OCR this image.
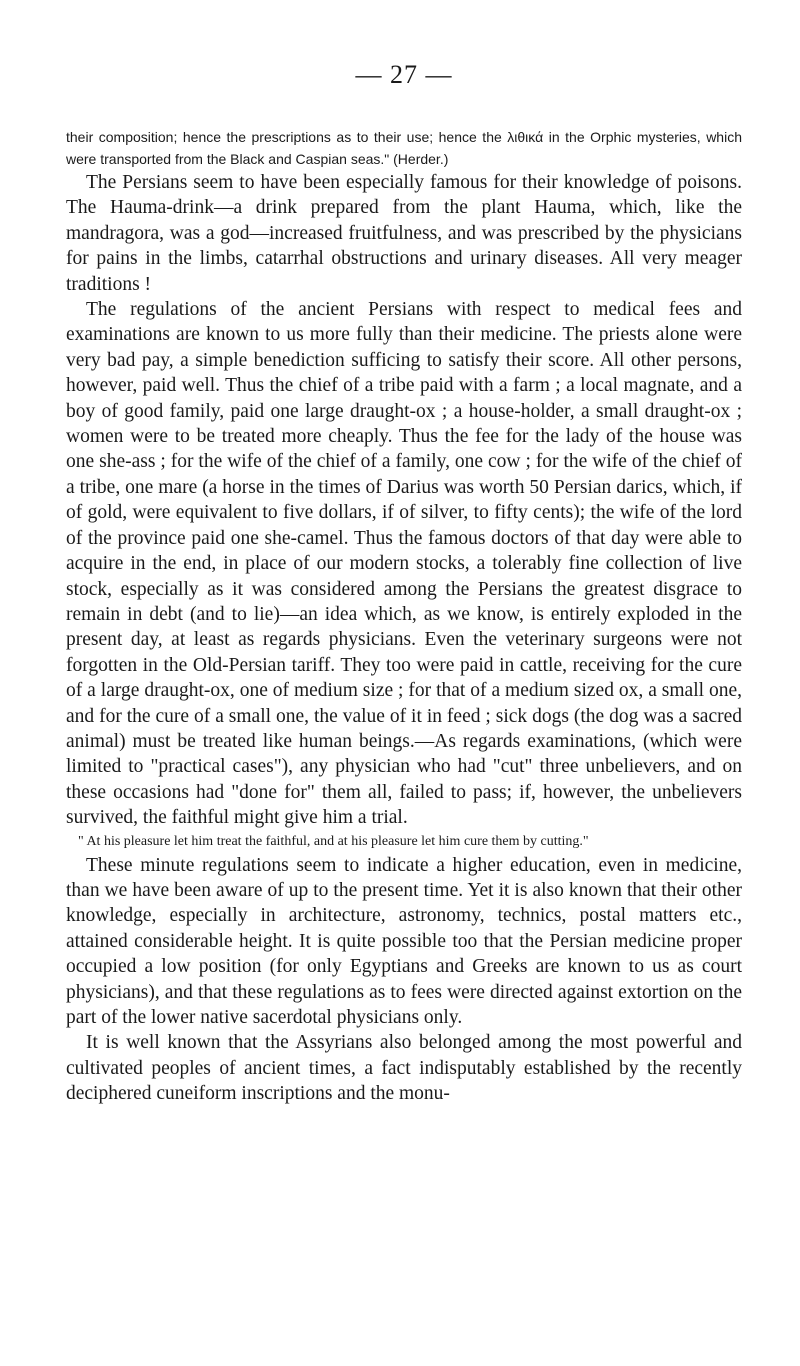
— 27 —

their composition; hence the prescriptions as to their use; hence the λιθικά in the Orphic mysteries, which were transported from the Black and Caspian seas." (Herder.)

The Persians seem to have been especially famous for their knowledge of poisons. The Hauma-drink—a drink prepared from the plant Hauma, which, like the mandragora, was a god—increased fruitfulness, and was prescribed by the physicians for pains in the limbs, catarrhal obstructions and urinary diseases. All very meager traditions !

The regulations of the ancient Persians with respect to medical fees and examinations are known to us more fully than their medicine. The priests alone were very bad pay, a simple benediction sufficing to satisfy their score. All other persons, however, paid well. Thus the chief of a tribe paid with a farm ; a local magnate, and a boy of good family, paid one large draught-ox ; a house-holder, a small draught-ox ; women were to be treated more cheaply. Thus the fee for the lady of the house was one she-ass ; for the wife of the chief of a family, one cow ; for the wife of the chief of a tribe, one mare (a horse in the times of Darius was worth 50 Persian darics, which, if of gold, were equivalent to five dollars, if of silver, to fifty cents); the wife of the lord of the province paid one she-camel. Thus the famous doctors of that day were able to acquire in the end, in place of our modern stocks, a tolerably fine collection of live stock, especially as it was considered among the Persians the greatest disgrace to remain in debt (and to lie)—an idea which, as we know, is entirely exploded in the present day, at least as regards physicians. Even the veterinary surgeons were not forgotten in the Old-Persian tariff. They too were paid in cattle, receiving for the cure of a large draught-ox, one of medium size ; for that of a medium sized ox, a small one, and for the cure of a small one, the value of it in feed ; sick dogs (the dog was a sacred animal) must be treated like human beings.—As regards examinations, (which were limited to "practical cases"), any physician who had "cut" three unbelievers, and on these occasions had "done for" them all, failed to pass; if, however, the unbelievers survived, the faithful might give him a trial.

" At his pleasure let him treat the faithful, and at his pleasure let him cure them by cutting."

These minute regulations seem to indicate a higher education, even in medicine, than we have been aware of up to the present time. Yet it is also known that their other knowledge, especially in architecture, astronomy, technics, postal matters etc., attained considerable height. It is quite possible too that the Persian medicine proper occupied a low position (for only Egyptians and Greeks are known to us as court physicians), and that these regulations as to fees were directed against extortion on the part of the lower native sacerdotal physicians only.

It is well known that the Assyrians also belonged among the most powerful and cultivated peoples of ancient times, a fact indisputably established by the recently deciphered cuneiform inscriptions and the monu-
